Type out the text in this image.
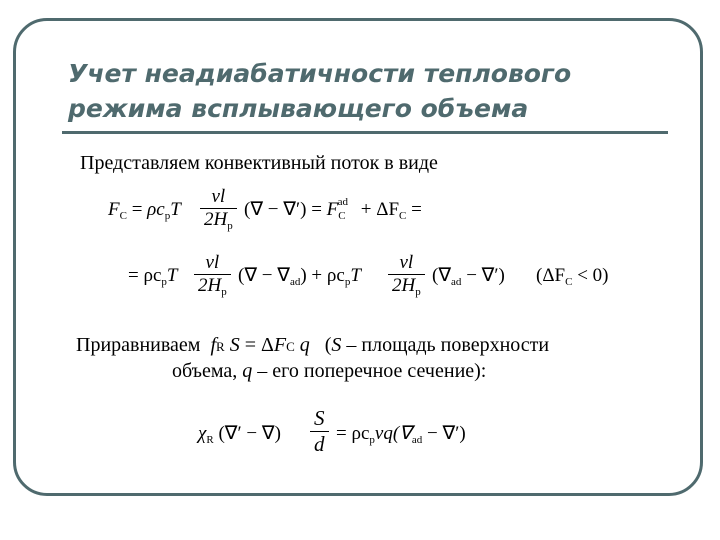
Учет неадиабатичности теплового
режима всплывающего объема
Представляем конвективный поток в виде
$F_C = \rho c_pT$
vl
$2H_p$
(∇ − ∇′) = $F_C^{ad} + \Delta F_C$ =
= $\rho c_pT$
vl
$2H_p$
(∇ − $\nabla_{ad}) + \rho c_pT$
vl
$2H_p$
($\nabla_{ad}$ − ∇′) $(\Delta F_C < 0)$
Приравниваем fR S = ΔFC q (S – площадь поверхности
объема, q – его поперечное сечение):
$\chi_R$ (∇′ − ∇)
S
$d = \rho c_pvq(\nabla_{ad}$ − ∇′)
